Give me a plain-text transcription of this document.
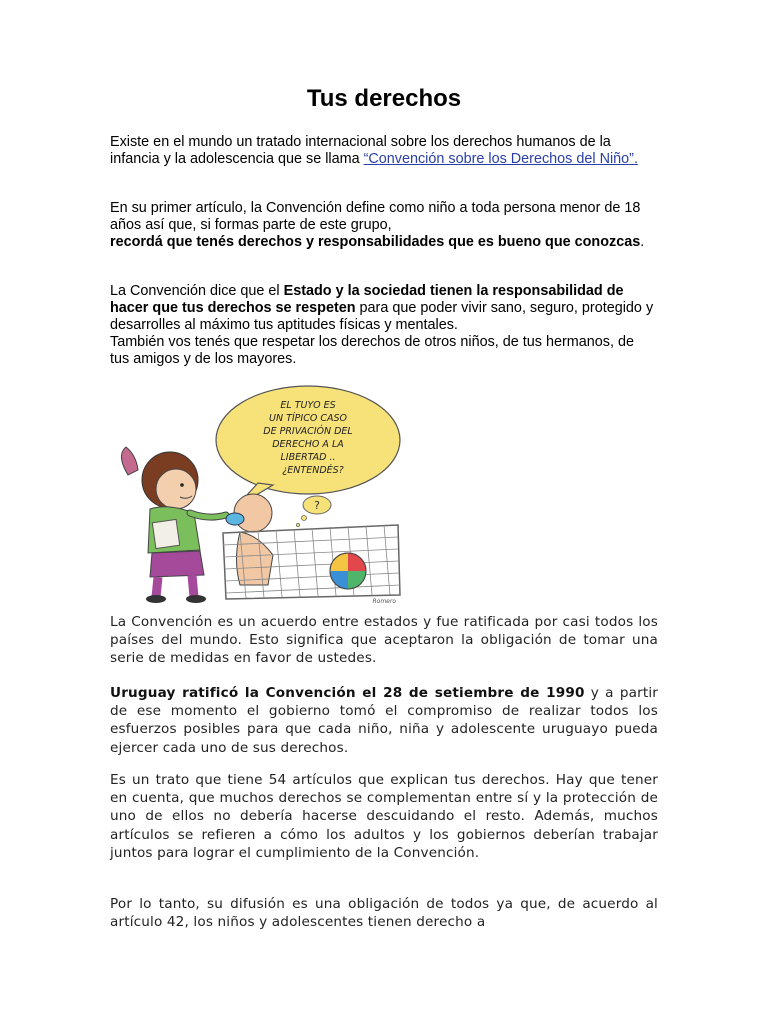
Tus derechos

Existe en el mundo un tratado internacional sobre los derechos humanos de la infancia y la adolescencia que se llama “Convención sobre los Derechos del Niño”.

En su primer artículo, la Convención define como niño a toda persona menor de 18 años así que, si formas parte de este grupo,
recordá que tenés derechos y responsabilidades que es bueno que conozcas.

La Convención dice que el Estado y la sociedad tienen la responsabilidad de hacer que tus derechos se respeten para que poder vivir sano, seguro, protegido y desarrolles al máximo tus aptitudes físicas y mentales.
También vos tenés que respetar los derechos de otros niños, de tus hermanos, de tus amigos y de los mayores.

EL TUYO ES
UN TÍPICO CASO
DE PRIVACIÓN DEL
DERECHO A LA
LIBERTAD ..
¿ENTENDÉS?
?
Romero

La Convención es un acuerdo entre estados y fue ratificada por casi todos los países del mundo. Esto significa que aceptaron la obligación de tomar una serie de medidas en favor de ustedes.

Uruguay ratificó la Convención el 28 de setiembre de 1990 y a partir de ese momento el gobierno tomó el compromiso de realizar todos los esfuerzos posibles para que cada niño, niña y adolescente uruguayo pueda ejercer cada uno de sus derechos.

Es un trato que tiene 54 artículos que explican tus derechos. Hay que tener en cuenta, que muchos derechos se complementan entre sí y la protección de uno de ellos no debería hacerse descuidando el resto. Además, muchos artículos se refieren a cómo los adultos y los gobiernos deberían trabajar juntos para lograr el cumplimiento de la Convención.

Por lo tanto, su difusión es una obligación de todos ya que, de acuerdo al artículo 42, los niños y adolescentes tienen derecho a
